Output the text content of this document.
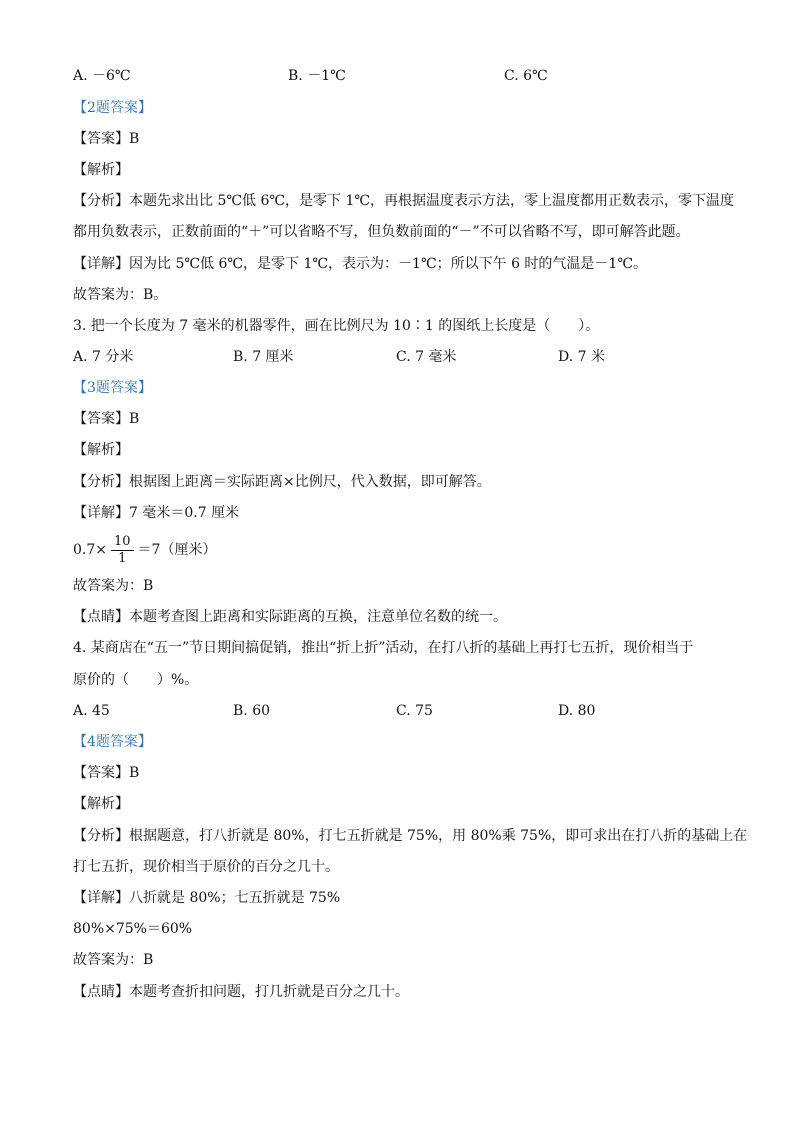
A. －6℃	B. －1℃	C. 6℃
【2题答案】
【答案】B
【解析】
【分析】本题先求出比 5℃低 6℃，是零下 1℃，再根据温度表示方法，零上温度都用正数表示，零下温度
都用负数表示，正数前面的“＋”可以省略不写，但负数前面的“－”不可以省略不写，即可解答此题。
【详解】因为比 5℃低 6℃，是零下 1℃，表示为：－1℃；所以下午 6 时的气温是－1℃。
故答案为：B。
3. 把一个长度为 7 毫米的机器零件，画在比例尺为 10∶1 的图纸上长度是（　　）。
A. 7 分米	B. 7 厘米	C. 7 毫米	D. 7 米
【3题答案】
【答案】B
【解析】
【分析】根据图上距离＝实际距离×比例尺，代入数据，即可解答。
【详解】7 毫米＝0.7 厘米
$0.7\times \frac{10}{1} =7$（厘米）
故答案为：B
【点睛】本题考查图上距离和实际距离的互换，注意单位名数的统一。
4. 某商店在“五一”节日期间搞促销，推出“折上折”活动，在打八折的基础上再打七五折，现价相当于
原价的（　　）%。
A. 45	B. 60	C. 75	D. 80
【4题答案】
【答案】B
【解析】
【分析】根据题意，打八折就是 80%，打七五折就是 75%，用 80%乘 75%，即可求出在打八折的基础上在
打七五折，现价相当于原价的百分之几十。
【详解】八折就是 80%；七五折就是 75%
80%×75%＝60%
故答案为：B
【点睛】本题考查折扣问题，打几折就是百分之几十。
